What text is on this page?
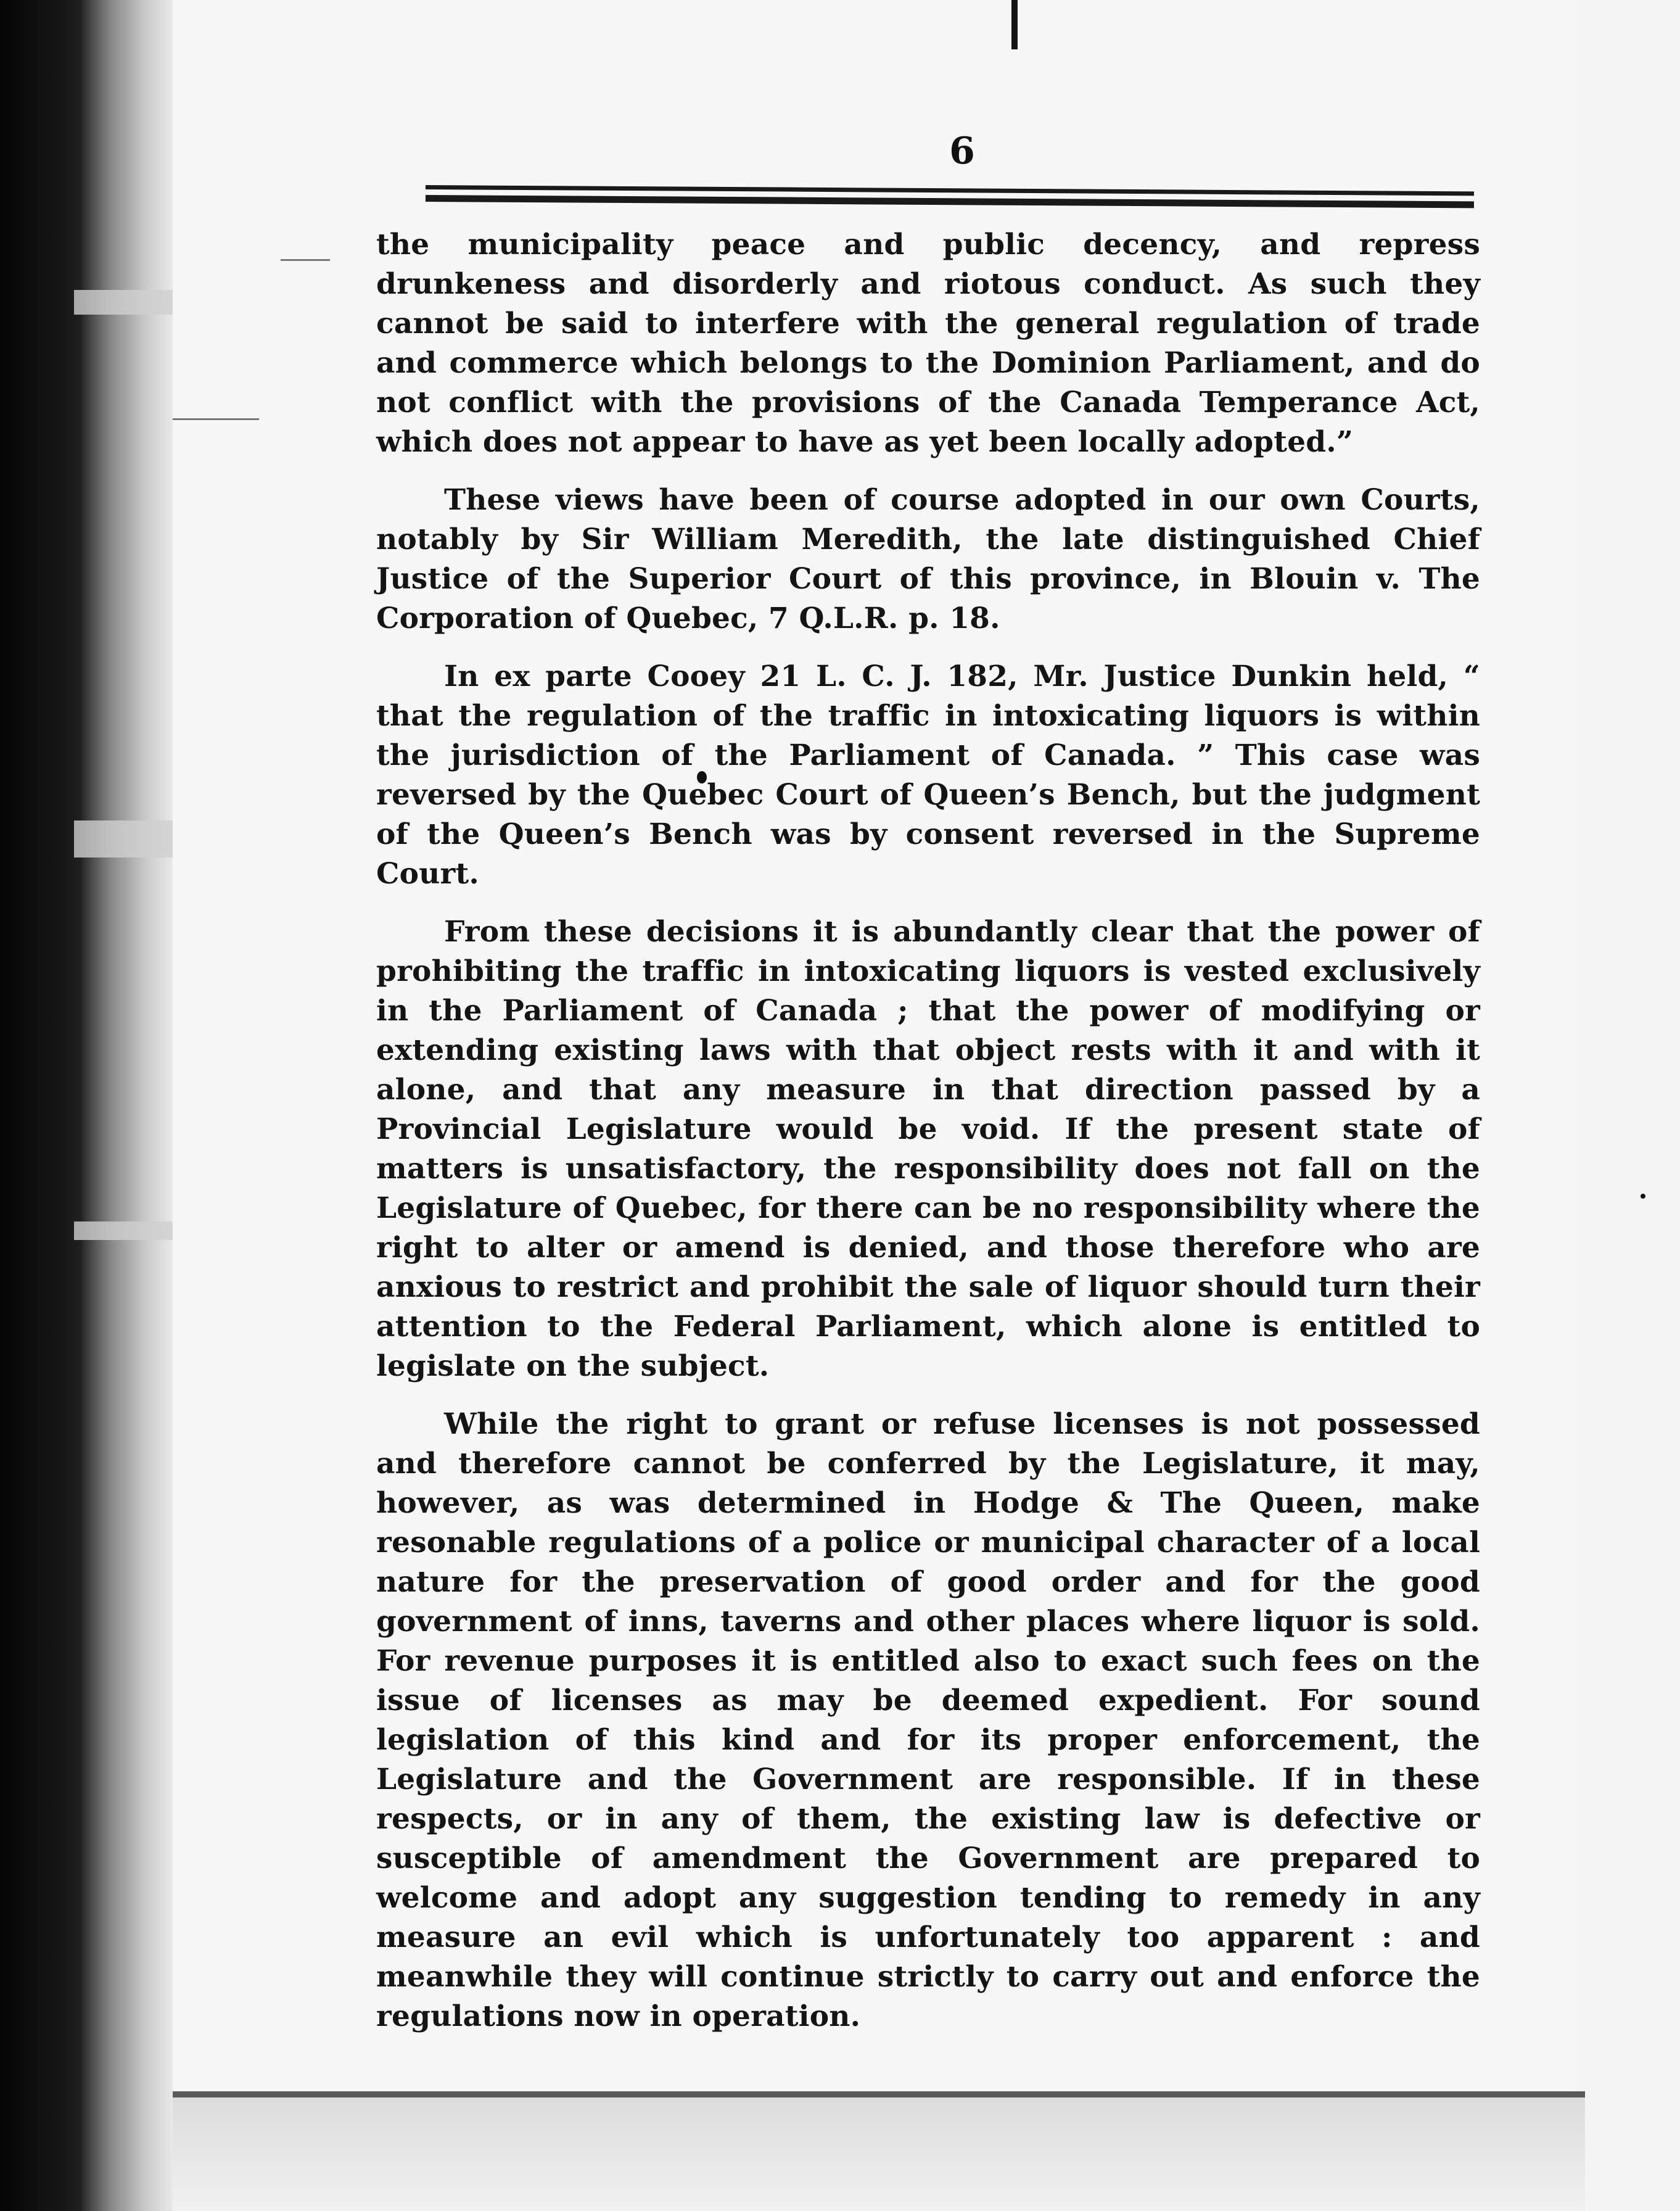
6

the municipality peace and public decency, and repress drunkeness and disorderly and riotous conduct. As such they cannot be said to interfere with the general regulation of trade and commerce which belongs to the Dominion Parliament, and do not conflict with the provisions of the Canada Temperance Act, which does not appear to have as yet been locally adopted.”

These views have been of course adopted in our own Courts, notably by Sir William Meredith, the late distinguished Chief Justice of the Superior Court of this province, in Blouin v. The Corporation of Quebec, 7 Q.L.R. p. 18.

In ex parte Cooey 21 L. C. J. 182, Mr. Justice Dunkin held, “ that the regulation of the traffic in intoxicating liquors is within the jurisdiction of the Parliament of Canada. ” This case was reversed by the Quebec Court of Queen’s Bench, but the judgment of the Queen’s Bench was by consent reversed in the Supreme Court.

From these decisions it is abundantly clear that the power of prohibiting the traffic in intoxicating liquors is vested exclusively in the Parliament of Canada ; that the power of modifying or extending existing laws with that object rests with it and with it alone, and that any measure in that direction passed by a Provincial Legislature would be void. If the present state of matters is unsatisfactory, the responsibility does not fall on the Legislature of Quebec, for there can be no responsibility where the right to alter or amend is denied, and those therefore who are anxious to restrict and prohibit the sale of liquor should turn their attention to the Federal Parliament, which alone is entitled to legislate on the subject.

While the right to grant or refuse licenses is not possessed and therefore cannot be conferred by the Legislature, it may, however, as was determined in Hodge & The Queen, make resonable regulations of a police or municipal character of a local nature for the preservation of good order and for the good government of inns, taverns and other places where liquor is sold. For revenue purposes it is entitled also to exact such fees on the issue of licenses as may be deemed expedient. For sound legislation of this kind and for its proper enforcement, the Legislature and the Government are responsible. If in these respects, or in any of them, the existing law is defective or susceptible of amendment the Government are prepared to welcome and adopt any suggestion tending to remedy in any measure an evil which is unfortunately too apparent : and meanwhile they will continue strictly to carry out and enforce the regulations now in operation.
